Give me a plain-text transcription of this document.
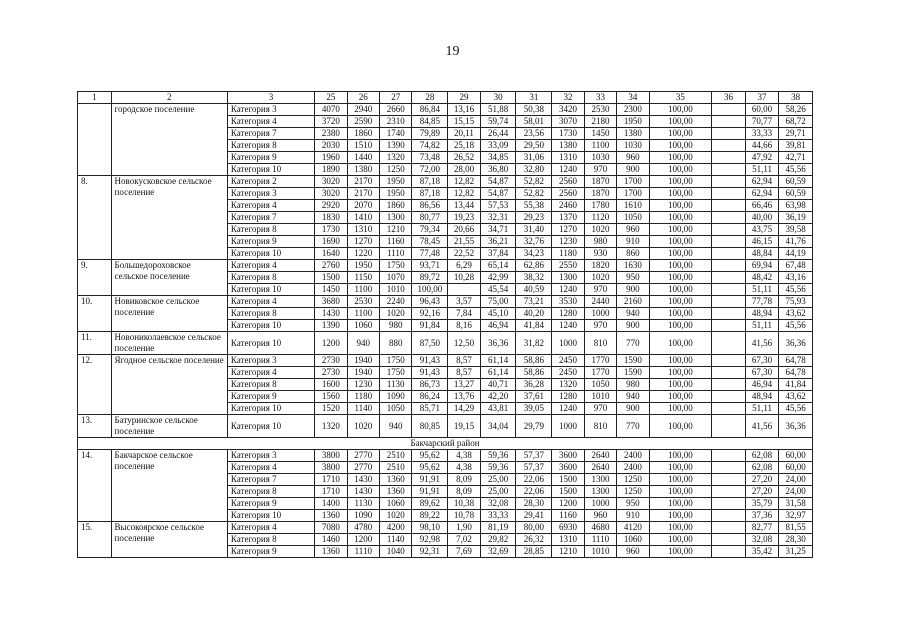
19
1	2	3	25	26	27	28	29	30	31	32	33	34	35	36	37	38
	городское поселение	Категория 3	4070	2940	2660	86,84	13,16	51,88	50,38	3420	2530	2300	100,00		60,00	58,26
		Категория 4	3720	2590	2310	84,85	15,15	59,74	58,01	3070	2180	1950	100,00		70,77	68,72
		Категория 7	2380	1860	1740	79,89	20,11	26,44	23,56	1730	1450	1380	100,00		33,33	29,71
		Категория 8	2030	1510	1390	74,82	25,18	33,09	29,50	1380	1100	1030	100,00		44,66	39,81
		Категория 9	1960	1440	1320	73,48	26,52	34,85	31,06	1310	1030	960	100,00		47,92	42,71
		Категория 10	1890	1380	1250	72,00	28,00	36,80	32,80	1240	970	900	100,00		51,11	45,56
8.	Новокусковское сельское поселение	Категория 2	3020	2170	1950	87,18	12,82	54,87	52,82	2560	1870	1700	100,00		62,94	60,59
		Категория 3	3020	2170	1950	87,18	12,82	54,87	52,82	2560	1870	1700	100,00		62,94	60,59
		Категория 4	2920	2070	1860	86,56	13,44	57,53	55,38	2460	1780	1610	100,00		66,46	63,98
		Категория 7	1830	1410	1300	80,77	19,23	32,31	29,23	1370	1120	1050	100,00		40,00	36,19
		Категория 8	1730	1310	1210	79,34	20,66	34,71	31,40	1270	1020	960	100,00		43,75	39,58
		Категория 9	1690	1270	1160	78,45	21,55	36,21	32,76	1230	980	910	100,00		46,15	41,76
		Категория 10	1640	1220	1110	77,48	22,52	37,84	34,23	1180	930	860	100,00		48,84	44,19
9.	Большедороховское сельское поселение	Категория 4	2760	1950	1750	93,71	6,29	65,14	62,86	2550	1820	1630	100,00		69,94	67,48
		Категория 8	1500	1150	1070	89,72	10,28	42,99	38,32	1300	1020	950	100,00		48,42	43,16
		Категория 10	1450	1100	1010	100,00		45,54	40,59	1240	970	900	100,00		51,11	45,56
10.	Новиковское сельское поселение	Категория 4	3680	2530	2240	96,43	3,57	75,00	73,21	3530	2440	2160	100,00		77,78	75,93
		Категория 8	1430	1100	1020	92,16	7,84	45,10	40,20	1280	1000	940	100,00		48,94	43,62
		Категория 10	1390	1060	980	91,84	8,16	46,94	41,84	1240	970	900	100,00		51,11	45,56
11.	Новониколаевское сельское поселение	Категория 10	1200	940	880	87,50	12,50	36,36	31,82	1000	810	770	100,00		41,56	36,36
12.	Ягодное сельское поселение	Категория 3	2730	1940	1750	91,43	8,57	61,14	58,86	2450	1770	1590	100,00		67,30	64,78
		Категория 4	2730	1940	1750	91,43	8,57	61,14	58,86	2450	1770	1590	100,00		67,30	64,78
		Категория 8	1600	1230	1130	86,73	13,27	40,71	36,28	1320	1050	980	100,00		46,94	41,84
		Категория 9	1560	1180	1090	86,24	13,76	42,20	37,61	1280	1010	940	100,00		48,94	43,62
		Категория 10	1520	1140	1050	85,71	14,29	43,81	39,05	1240	970	900	100,00		51,11	45,56
13.	Батуринское сельское поселение	Категория 10	1320	1020	940	80,85	19,15	34,04	29,79	1000	810	770	100,00		41,56	36,36
Бакчарский район																
14.	Бакчарское сельское поселение	Категория 3	3800	2770	2510	95,62	4,38	59,36	57,37	3600	2640	2400	100,00		62,08	60,00
		Категория 4	3800	2770	2510	95,62	4,38	59,36	57,37	3600	2640	2400	100,00		62,08	60,00
		Категория 7	1710	1430	1360	91,91	8,09	25,00	22,06	1500	1300	1250	100,00		27,20	24,00
		Категория 8	1710	1430	1360	91,91	8,09	25,00	22,06	1500	1300	1250	100,00		27,20	24,00
		Категория 9	1400	1130	1060	89,62	10,38	32,08	28,30	1200	1000	950	100,00		35,79	31,58
		Категория 10	1360	1090	1020	89,22	10,78	33,33	29,41	1160	960	910	100,00		37,36	32,97
15.	Высокоярское сельское поселение	Категория 4	7080	4780	4200	98,10	1,90	81,19	80,00	6930	4680	4120	100,00		82,77	81,55
		Категория 8	1460	1200	1140	92,98	7,02	29,82	26,32	1310	1110	1060	100,00		32,08	28,30
		Категория 9	1360	1110	1040	92,31	7,69	32,69	28,85	1210	1010	960	100,00		35,42	31,25
